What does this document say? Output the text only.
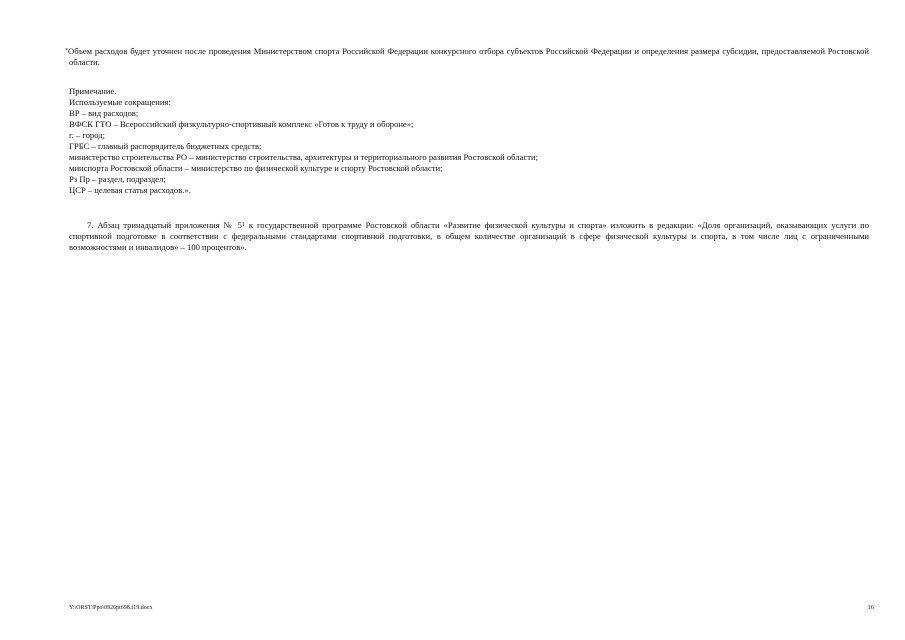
*Объем расходов будет уточнен после проведения Министерством спорта Российской Федерации конкурсного отбора субъектов Российской Федерации и определения размера субсидии, предоставляемой Ростовской области.

Примечание.
Используемые сокращения:
ВР – вид расходов;
ВФСК ГТО – Всероссийский физкультурно-спортивный комплекс «Готов к труду и обороне»;
г. – город;
ГРБС – главный распорядитель бюджетных средств;
министерство строительства РО – министерство строительства, архитектуры и территориального развития Ростовской области;
минспорта Ростовской области – министерство по физической культуре и спорту Ростовской области;
Рз Пр – раздел, подраздел;
ЦСР – целевая статья расходов.».

7. Абзац тринадцатый приложения № $5^1$ к государственной программе Ростовской области «Развитие физической культуры и спорта» изложить в редакции: «Доля организаций, оказывающих услуги по спортивной подготовке в соответствии с федеральными стандартами спортивной подготовки, в общем количестве организаций в сфере физической культуры и спорта, в том числе лиц с ограниченными возможностями и инвалидов» – 100 процентов».

Y:\ORST\Ppo\0926pt698.f19.docx	16
